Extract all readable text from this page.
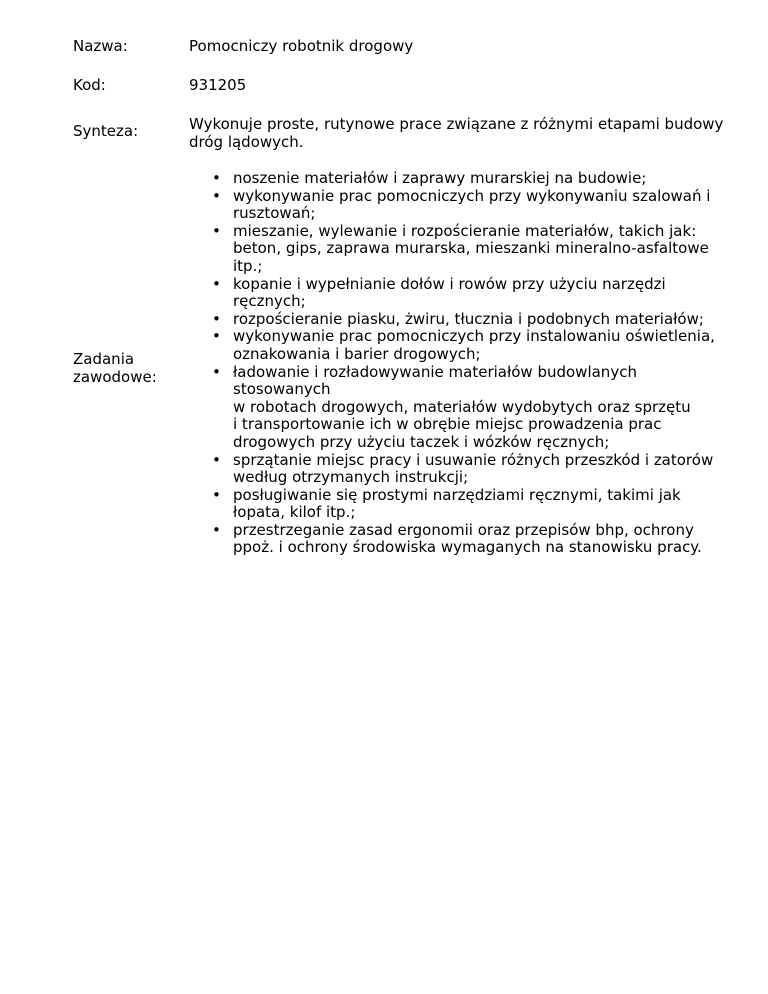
Nazwa:	Pomocniczy robotnik drogowy
Kod:	931205
Synteza:	Wykonuje proste, rutynowe prace związane z różnymi etapami budowy dróg lądowych.
Zadania
zawodowe:
• noszenie materiałów i zaprawy murarskiej na budowie;
• wykonywanie prac pomocniczych przy wykonywaniu szalowań i rusztowań;
• mieszanie, wylewanie i rozpościeranie materiałów, takich jak: beton, gips, zaprawa murarska, mieszanki mineralno-asfaltowe itp.;
• kopanie i wypełnianie dołów i rowów przy użyciu narzędzi ręcznych;
• rozpościeranie piasku, żwiru, tłucznia i podobnych materiałów;
• wykonywanie prac pomocniczych przy instalowaniu oświetlenia, oznakowania i barier drogowych;
• ładowanie i rozładowywanie materiałów budowlanych stosowanych
w robotach drogowych, materiałów wydobytych oraz sprzętu
i transportowanie ich w obrębie miejsc prowadzenia prac
drogowych przy użyciu taczek i wózków ręcznych;
• sprzątanie miejsc pracy i usuwanie różnych przeszkód i zatorów według otrzymanych instrukcji;
• posługiwanie się prostymi narzędziami ręcznymi, takimi jak łopata, kilof itp.;
• przestrzeganie zasad ergonomii oraz przepisów bhp, ochrony ppoż. i ochrony środowiska wymaganych na stanowisku pracy.
